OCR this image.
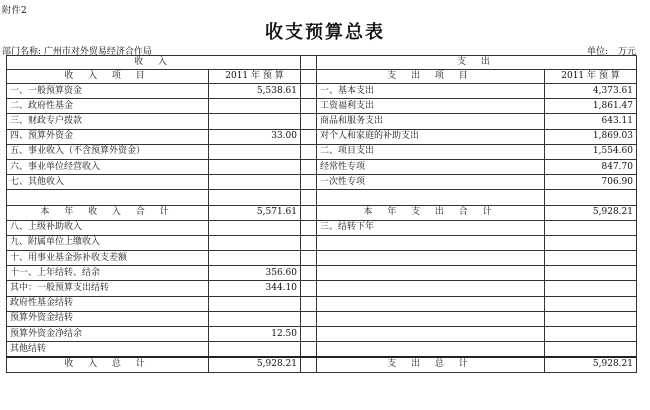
附件2
收支预算总表
部门名称: 广州市对外贸易经济合作局	单位: 万元
收 入			支 出	
收 入 项 目	2011 年 预 算		支 出 项 目	2011 年 预 算
一、一般预算资金	5,538.61		一、基本支出	4,373.61
二、政府性基金			工资福利支出	1,861.47
三、财政专户拨款			商品和服务支出	643.11
四、预算外资金	33.00		对个人和家庭的补助支出	1,869.03
五、事业收入（不含预算外资金）			二、项目支出	1,554.60
六、事业单位经营收入			经常性专项	847.70
七、其他收入			一次性专项	706.90

本 年 收 入 合 计	5,571.61		本 年 支 出 合 计	5,928.21
八、上级补助收入			三、结转下年	
九、附属单位上缴收入				
十、用事业基金弥补收支差额				
十一、上年结转、结余	356.60			
其中：一般预算支出结转	344.10			
政府性基金结转				
预算外资金结转				
预算外资金净结余	12.50			
其他结转				
收 入 总 计	5,928.21		支 出 总 计	5,928.21
